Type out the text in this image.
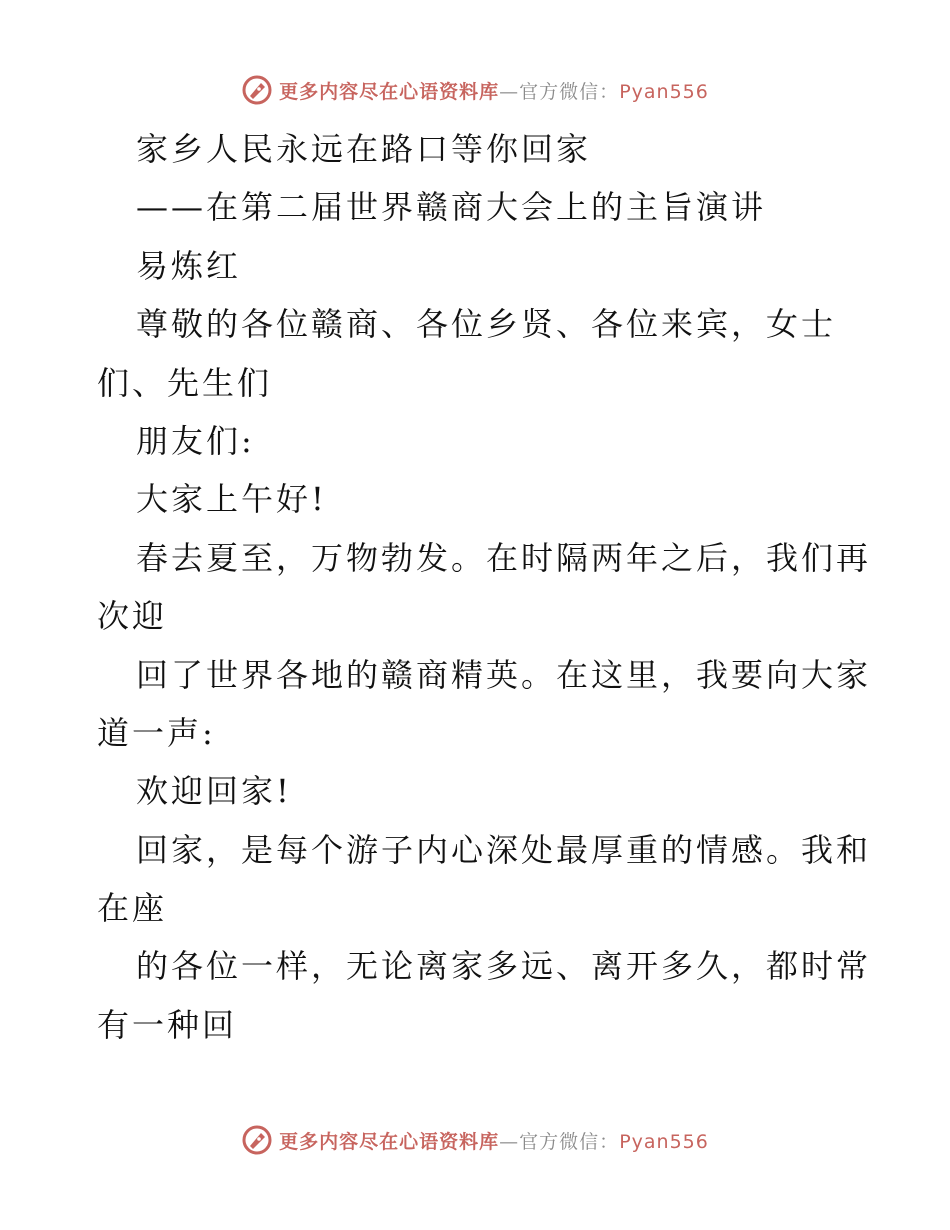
更多内容尽在心语资料库—官方微信：Pyan556
家乡人民永远在路口等你回家
——在第二届世界赣商大会上的主旨演讲
易炼红
尊敬的各位赣商、各位乡贤、各位来宾，女士
们、先生们
朋友们:
大家上午好!
春去夏至，万物勃发。在时隔两年之后，我们再
次迎
回了世界各地的赣商精英。在这里，我要向大家
道一声:
欢迎回家!
回家，是每个游子内心深处最厚重的情感。我和
在座
的各位一样，无论离家多远、离开多久，都时常
有一种回
更多内容尽在心语资料库—官方微信：Pyan556
